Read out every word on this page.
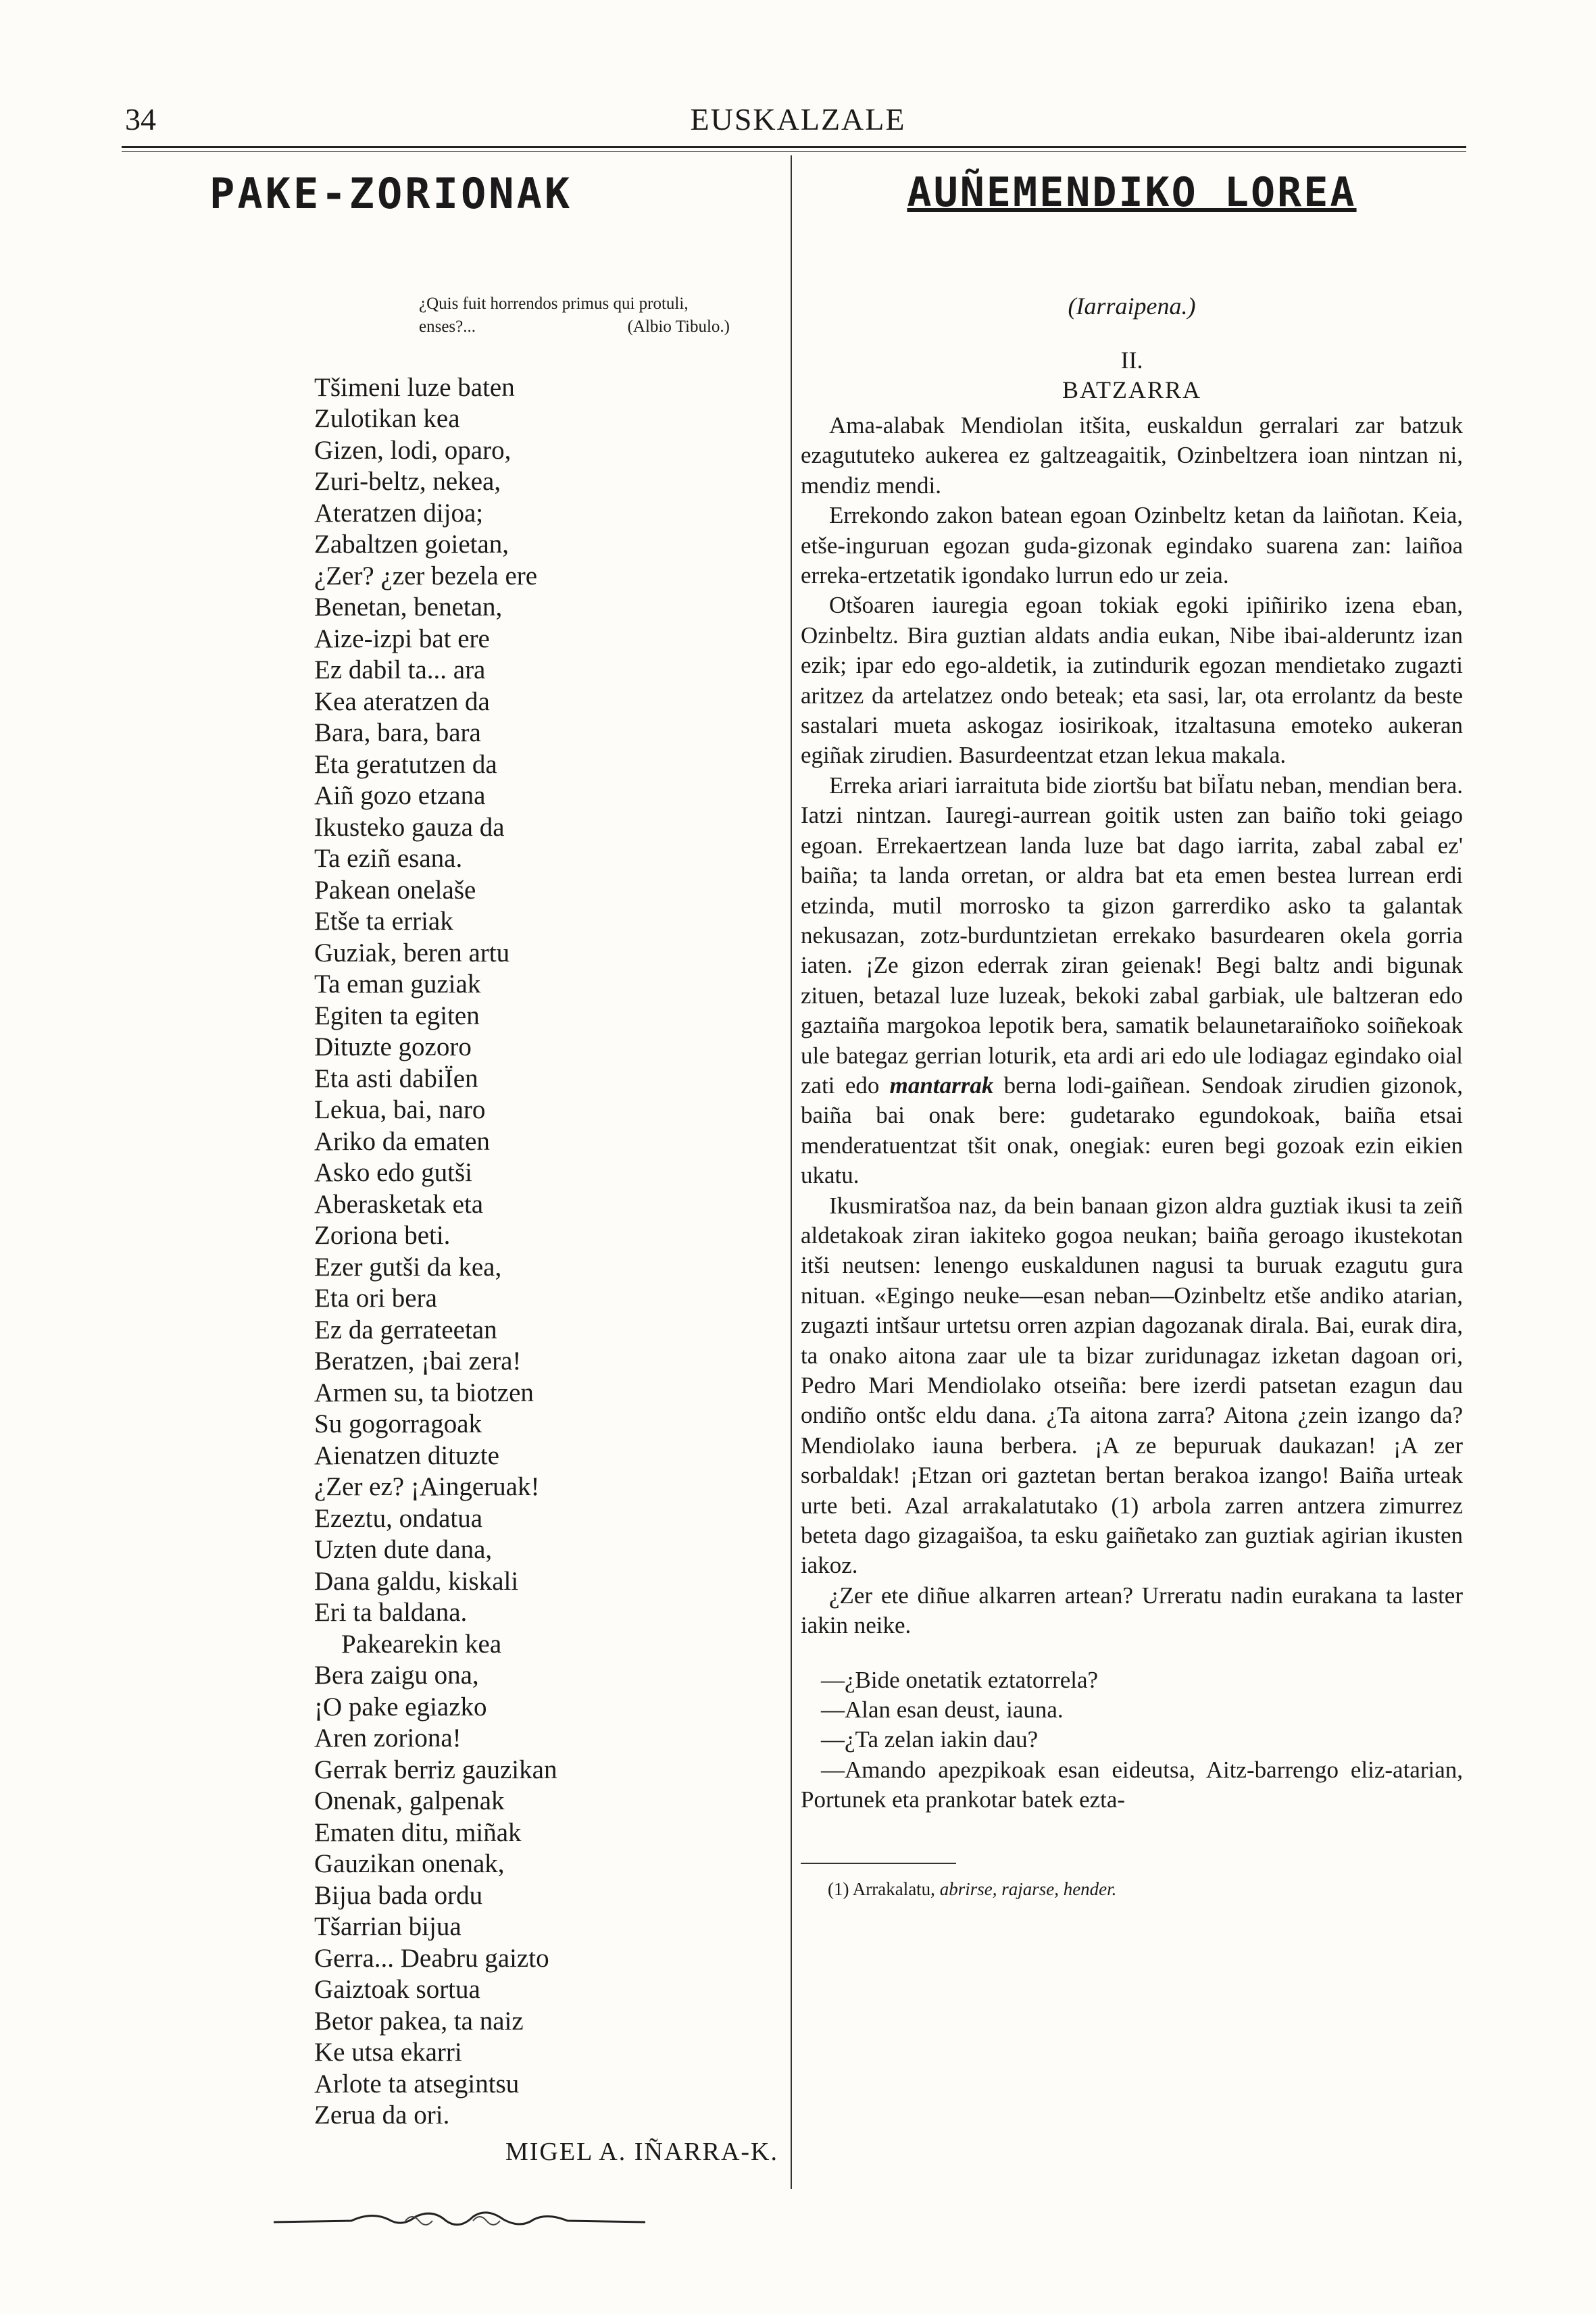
34	EUSKALZALE
PAKE-ZORIONAK
¿Quis fuit horrendos primus qui protuli,
enses?...	(Albio Tibulo.)
Tšimeni luze baten
Zulotikan kea
Gizen, lodi, oparo,
Zuri-beltz, nekea,
Ateratzen dijoa;
Zabaltzen goietan,
¿Zer? ¿zer bezela ere
Benetan, benetan,
Aize-izpi bat ere
Ez dabil ta... ara
Kea ateratzen da
Bara, bara, bara
Eta geratutzen da
Aiñ gozo etzana
Ikusteko gauza da
Ta eziñ esana.
Pakean onelaše
Etše ta erriak
Guziak, beren artu
Ta eman guziak
Egiten ta egiten
Dituzte gozoro
Eta asti dabiÏen
Lekua, bai, naro
Ariko da ematen
Asko edo gutši
Aberasketak eta
Zoriona beti.
Ezer gutši da kea,
Eta ori bera
Ez da gerrateetan
Beratzen, ¡bai zera!
Armen su, ta biotzen
Su gogorragoak
Aienatzen dituzte
¿Zer ez? ¡Aingeruak!
Ezeztu, ondatua
Uzten dute dana,
Dana galdu, kiskali
Eri ta baldana.
Pakearekin kea
Bera zaigu ona,
¡O pake egiazko
Aren zoriona!
Gerrak berriz gauzikan
Onenak, galpenak
Ematen ditu, miñak
Gauzikan onenak,
Bijua bada ordu
Tšarrian bijua
Gerra... Deabru gaizto
Gaiztoak sortua
Betor pakea, ta naiz
Ke utsa ekarri
Arlote ta atsegintsu
Zerua da ori.
MIGEL A. IÑARRA-K.
AUÑEMENDIKO LOREA
(Iarraipena.)
II.
BATZARRA

Ama-alabak Mendiolan itšita, euskaldun gerralari zar batzuk ezagututeko aukerea ez galtzeagaitik, Ozinbeltzera ioan nintzan ni, mendiz mendi.

Errekondo zakon batean egoan Ozinbeltz ketan da laiñotan. Keia, etše-inguruan egozan guda-gizonak egindako suarena zan: laiñoa erreka-ertzetatik igondako lurrun edo ur zeia.

Otšoaren iauregia egoan tokiak egoki ipiñiriko izena eban, Ozinbeltz. Bira guztian aldats andia eukan, Nibe ibai-alderuntz izan ezik; ipar edo ego-aldetik, ia zutindurik egozan mendietako zugazti aritzez da artelatzez ondo beteak; eta sasi, lar, ota errolantz da beste sastalari mueta askogaz iosirikoak, itzaltasuna emoteko aukeran egiñak zirudien. Basurdeentzat etzan lekua makala.

Erreka ariari iarraituta bide ziortšu bat biÏatu neban, mendian bera. Iatzi nintzan. Iauregi-aurrean goitik usten zan baiño toki geiago egoan. Errekaertzean landa luze bat dago iarrita, zabal zabal ez' baiña; ta landa orretan, or aldra bat eta emen bestea lurrean erdi etzinda, mutil morrosko ta gizon garrerdiko asko ta galantak nekusazan, zotz-burduntzietan errekako basurdearen okela gorria iaten. ¡Ze gizon ederrak ziran geienak! Begi baltz andi bigunak zituen, betazal luze luzeak, bekoki zabal garbiak, ule baltzeran edo gaztaiña margokoa lepotik bera, samatik belaunetaraiñoko soiñekoak ule bategaz gerrian loturik, eta ardi ari edo ule lodiagaz egindako oial zati edo mantarrak berna lodi-gaiñean. Sendoak zirudien gizonok, baiña bai onak bere: gudetarako egundokoak, baiña etsai menderatuentzat tšit onak, onegiak: euren begi gozoak ezin eikien ukatu.

Ikusmiratšoa naz, da bein banaan gizon aldra guztiak ikusi ta zeiñ aldetakoak ziran iakiteko gogoa neukan; baiña geroago ikustekotan itši neutsen: lenengo euskaldunen nagusi ta buruak ezagutu gura nituan. «Egingo neuke—esan neban—Ozinbeltz etše andiko atarian, zugazti intšaur urtetsu orren azpian dagozanak dirala. Bai, eurak dira, ta onako aitona zaar ule ta bizar zuridunagaz izketan dagoan ori, Pedro Mari Mendiolako otseiña: bere izerdi patsetan ezagun dau ondiño ontšc eldu dana. ¿Ta aitona zarra? Aitona ¿zein izango da? Mendiolako iauna berbera. ¡A ze bepuruak daukazan! ¡A zer sorbaldak! ¡Etzan ori gaztetan bertan berakoa izango! Baiña urteak urte beti. Azal arrakalatutako (1) arbola zarren antzera zimurrez beteta dago gizagaišoa, ta esku gaiñetako zan guztiak agirian ikusten iakoz.

¿Zer ete diñue alkarren artean? Urreratu nadin eurakana ta laster iakin neike.

—¿Bide onetatik eztatorrela?

—Alan esan deust, iauna.

—¿Ta zelan iakin dau?

—Amando apezpikoak esan eideutsa, Aitz-barrengo eliz-atarian, Portunek eta prankotar batek ezta-

(1) Arrakalatu, abrirse, rajarse, hender.
